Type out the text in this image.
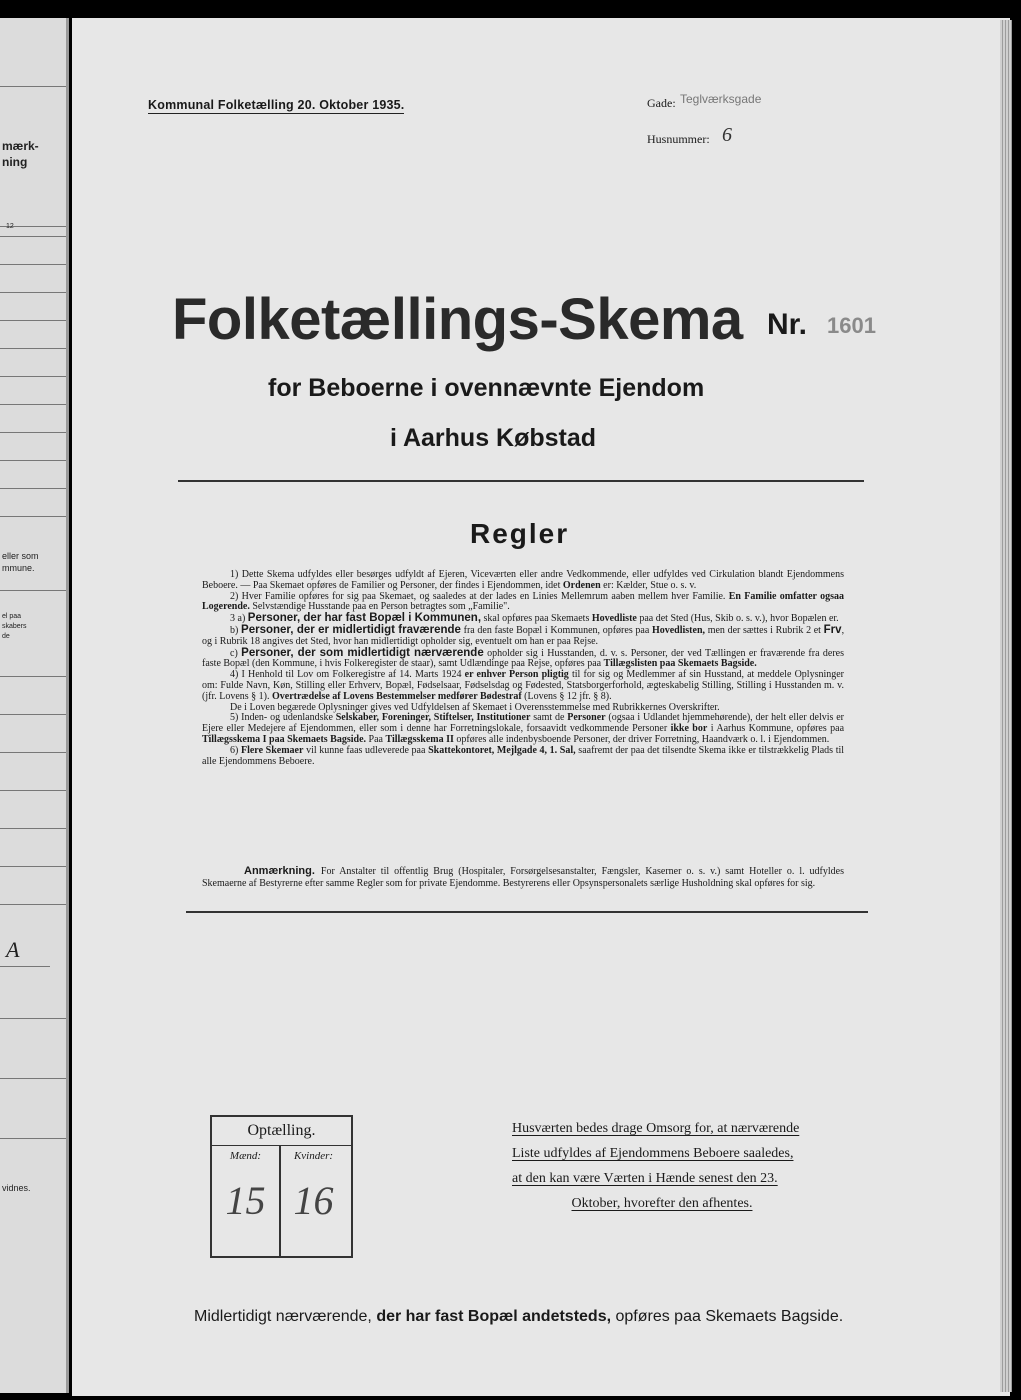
mærk-
ning
12
eller som
mmune.
el paa
skabers
de
A
vidnes.
Kommunal Folketælling 20. Oktober 1935.	Gade: Teglværksgade
Husnummer: 6
Folketællings-Skema Nr. 1601
for Beboerne i ovennævnte Ejendom
i Aarhus Købstad
Regler

1) Dette Skema udfyldes eller besørges udfyldt af Ejeren, Viceværten eller andre Vedkommende, eller udfyldes ved Cirkulation blandt Ejendommens Beboere. — Paa Skemaet opføres de Familier og Personer, der findes i Ejendommen, idet Ordenen er: Kælder, Stue o. s. v.

2) Hver Familie opføres for sig paa Skemaet, og saaledes at der lades en Linies Mellemrum aaben mellem hver Familie. En Familie omfatter ogsaa Logerende. Selvstændige Husstande paa en Person betragtes som „Familie".

3 a) Personer, der har fast Bopæl i Kommunen, skal opføres paa Skemaets Hovedliste paa det Sted (Hus, Skib o. s. v.), hvor Bopælen er.

b) Personer, der er midlertidigt fraværende fra den faste Bopæl i Kommunen, opføres paa Hovedlisten, men der sættes i Rubrik 2 et Frv, og i Rubrik 18 angives det Sted, hvor han midlertidigt opholder sig, eventuelt om han er paa Rejse.

c) Personer, der som midlertidigt nærværende opholder sig i Husstanden, d. v. s. Personer, der ved Tællingen er fraværende fra deres faste Bopæl (den Kommune, i hvis Folkeregister de staar), samt Udlændinge paa Rejse, opføres paa Tillægslisten paa Skemaets Bagside.

4) I Henhold til Lov om Folkeregistre af 14. Marts 1924 er enhver Person pligtig til for sig og Medlemmer af sin Husstand, at meddele Oplysninger om: Fulde Navn, Køn, Stilling eller Erhverv, Bopæl, Fødselsaar, Fødselsdag og Fødested, Statsborgerforhold, ægteskabelig Stilling, Stilling i Husstanden m. v. (jfr. Lovens § 1). Overtrædelse af Lovens Bestemmelser medfører Bødestraf (Lovens § 12 jfr. § 8).

De i Loven begærede Oplysninger gives ved Udfyldelsen af Skemaet i Overensstemmelse med Rubrikkernes Overskrifter.

5) Inden- og udenlandske Selskaber, Foreninger, Stiftelser, Institutioner samt de Personer (ogsaa i Udlandet hjemmehørende), der helt eller delvis er Ejere eller Medejere af Ejendommen, eller som i denne har Forretningslokale, forsaavidt vedkommende Personer ikke bor i Aarhus Kommune, opføres paa Tillægsskema I paa Skemaets Bagside. Paa Tillægsskema II opføres alle indenbysboende Personer, der driver Forretning, Haandværk o. l. i Ejendommen.

6) Flere Skemaer vil kunne faas udleverede paa Skattekontoret, Mejlgade 4, 1. Sal, saafremt der paa det tilsendte Skema ikke er tilstrækkelig Plads til alle Ejendommens Beboere.

Anmærkning. For Anstalter til offentlig Brug (Hospitaler, Forsørgelsesanstalter, Fængsler, Kaserner o. s. v.) samt Hoteller o. l. udfyldes Skemaerne af Bestyrerne efter samme Regler som for private Ejendomme. Bestyrerens eller Opsynspersonalets særlige Husholdning skal opføres for sig.
Optælling.
Mænd:	Kvinder:
15 16
Husværten bedes drage Omsorg for, at nærværende
Liste udfyldes af Ejendommens Beboere saaledes,
at den kan være Værten i Hænde senest den 23.
Oktober, hvorefter den afhentes.
Midlertidigt nærværende, der har fast Bopæl andetsteds, opføres paa Skemaets Bagside.
